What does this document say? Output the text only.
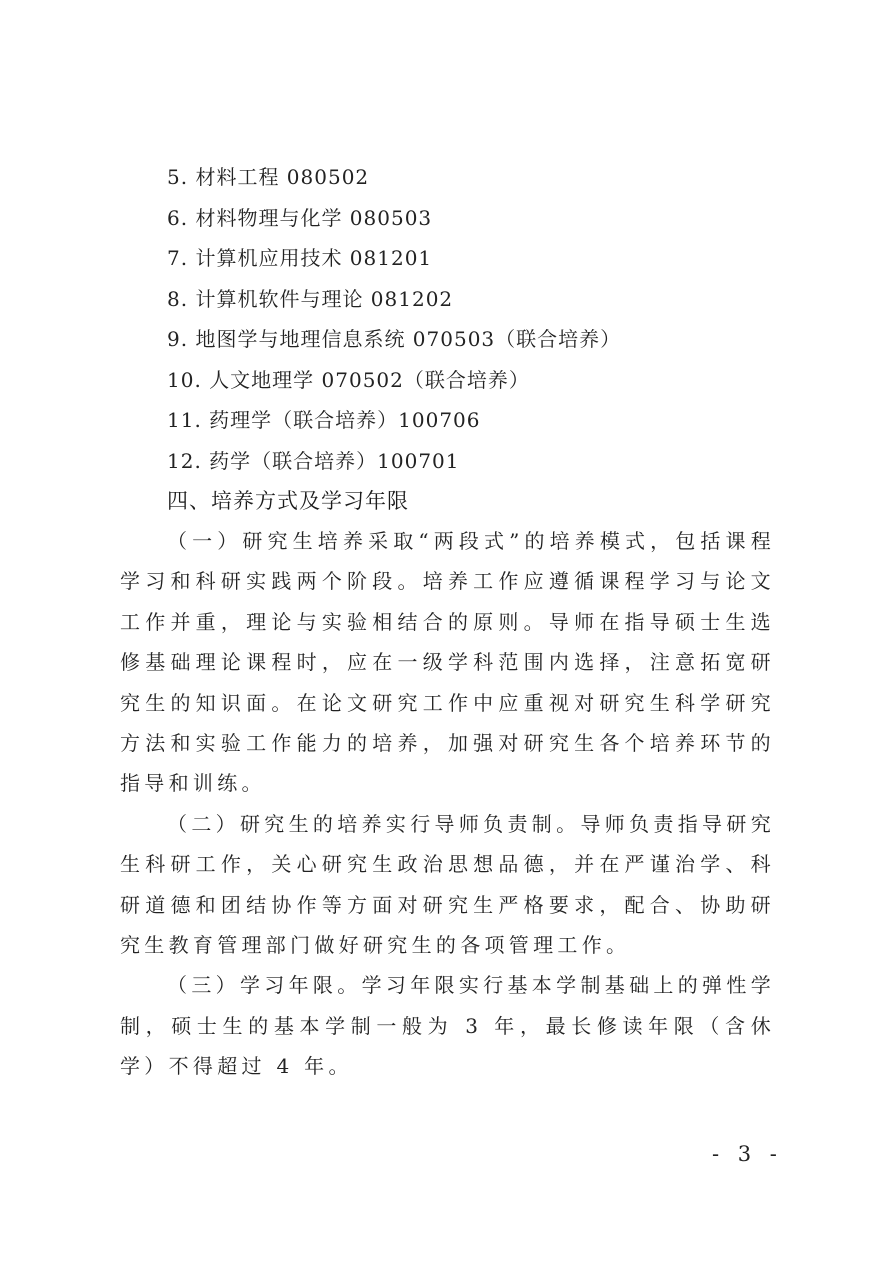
5. 材料工程 080502
6. 材料物理与化学 080503
7. 计算机应用技术 081201
8. 计算机软件与理论 081202
9. 地图学与地理信息系统 070503（联合培养）
10. 人文地理学 070502（联合培养）
11. 药理学（联合培养）100706
12. 药学（联合培养）100701
四、培养方式及学习年限

（一）研究生培养采取“两段式”的培养模式，包括课程学习和科研实践两个阶段。培养工作应遵循课程学习与论文工作并重，理论与实验相结合的原则。导师在指导硕士生选修基础理论课程时，应在一级学科范围内选择，注意拓宽研究生的知识面。在论文研究工作中应重视对研究生科学研究方法和实验工作能力的培养，加强对研究生各个培养环节的指导和训练。

（二）研究生的培养实行导师负责制。导师负责指导研究生科研工作，关心研究生政治思想品德，并在严谨治学、科研道德和团结协作等方面对研究生严格要求，配合、协助研究生教育管理部门做好研究生的各项管理工作。

（三）学习年限。学习年限实行基本学制基础上的弹性学制，硕士生的基本学制一般为 3 年，最长修读年限（含休学）不得超过 4 年。

- 3 -
